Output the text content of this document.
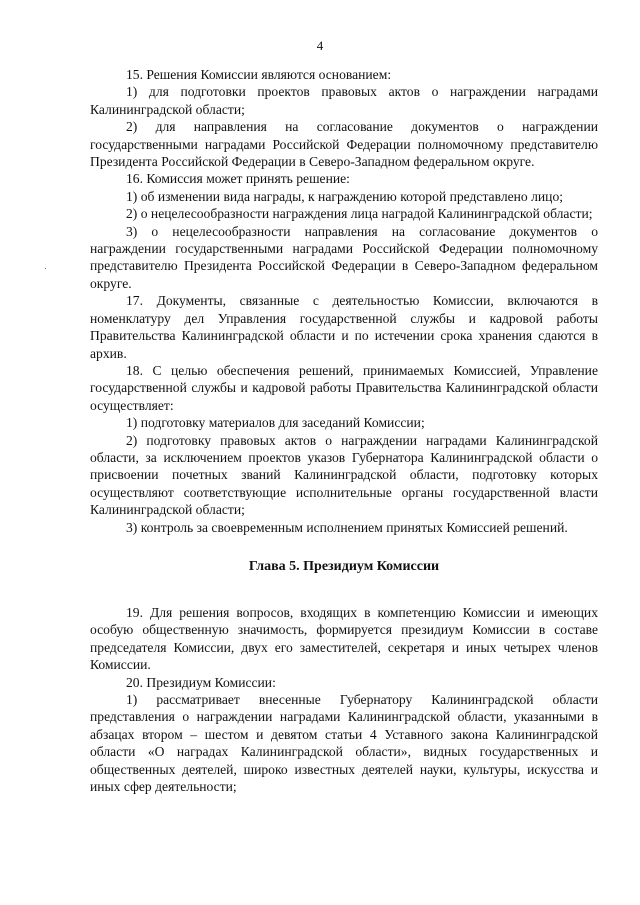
4

15. Решения Комиссии являются основанием:

1) для подготовки проектов правовых актов о награждении наградами Калининградской области;

2) для направления на согласование документов о награждении государственными наградами Российской Федерации полномочному представителю Президента Российской Федерации в Северо-Западном федеральном округе.

16. Комиссия может принять решение:

1) об изменении вида награды, к награждению которой представлено лицо;

2) о нецелесообразности награждения лица наградой Калининградской области;

3) о нецелесообразности направления на согласование документов о награждении государственными наградами Российской Федерации полномочному представителю Президента Российской Федерации в Северо-Западном федеральном округе.

17. Документы, связанные с деятельностью Комиссии, включаются в номенклатуру дел Управления государственной службы и кадровой работы Правительства Калининградской области и по истечении срока хранения сдаются в архив.

18. С целью обеспечения решений, принимаемых Комиссией, Управление государственной службы и кадровой работы Правительства Калининградской области осуществляет:

1) подготовку материалов для заседаний Комиссии;

2) подготовку правовых актов о награждении наградами Калининградской области, за исключением проектов указов Губернатора Калининградской области о присвоении почетных званий Калининградской области, подготовку которых осуществляют соответствующие исполнительные органы государственной власти Калининградской области;

3) контроль за своевременным исполнением принятых Комиссией решений.

Глава 5. Президиум Комиссии

19. Для решения вопросов, входящих в компетенцию Комиссии и имеющих особую общественную значимость, формируется президиум Комиссии в составе председателя Комиссии, двух его заместителей, секретаря и иных четырех членов Комиссии.

20. Президиум Комиссии:

1) рассматривает внесенные Губернатору Калининградской области представления о награждении наградами Калининградской области, указанными в абзацах втором – шестом и девятом статьи 4 Уставного закона Калининградской области «О наградах Калининградской области», видных государственных и общественных деятелей, широко известных деятелей науки, культуры, искусства и иных сфер деятельности;
